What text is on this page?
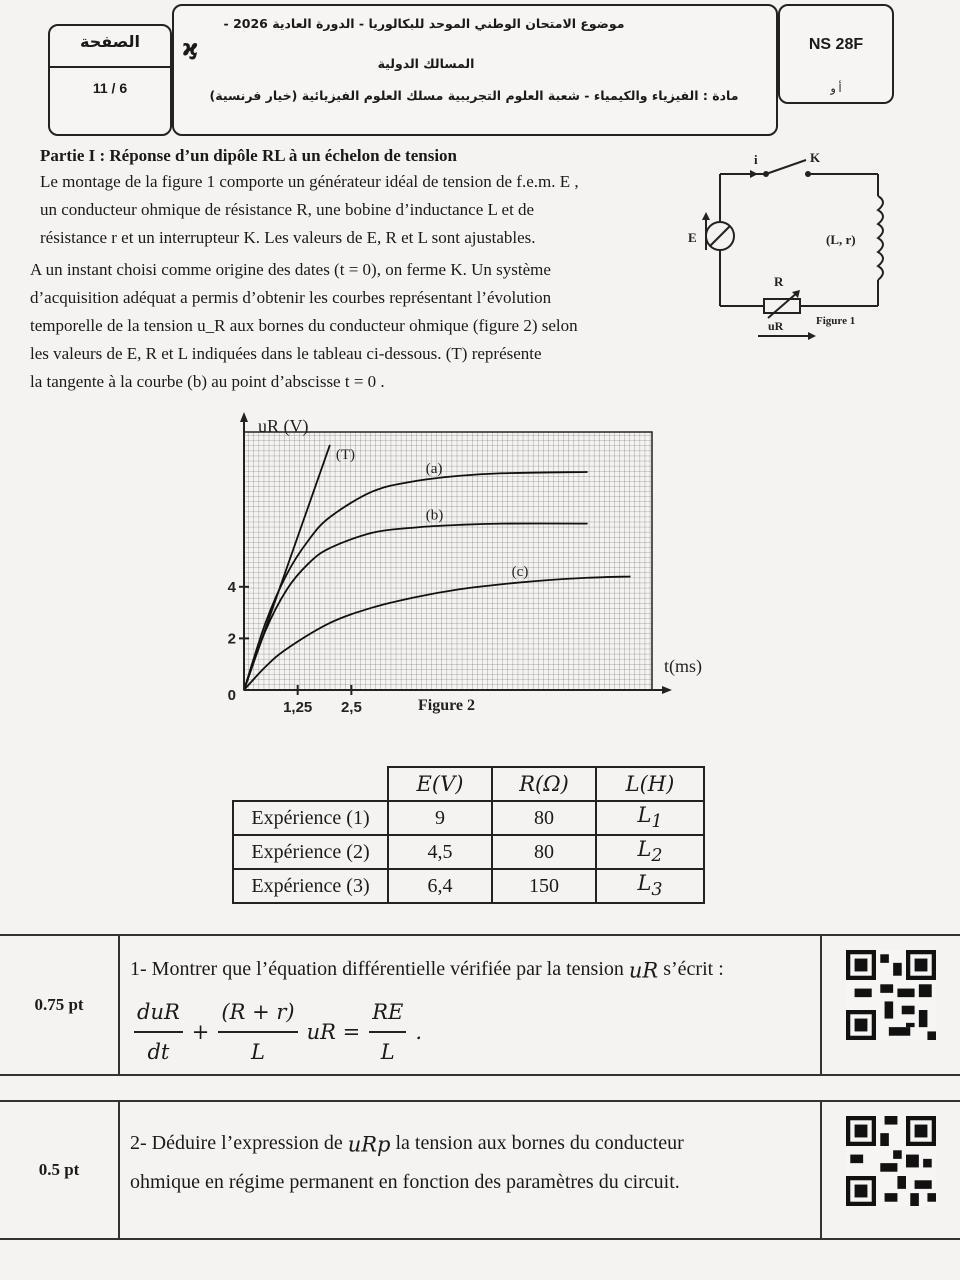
الصفحة
11 / 6
ϗ
موضوع الامتحان الوطني الموحد للبكالوريا - الدورة العادية 2026 -
المسالك الدولية
مادة : الفيزياء والكيمياء - شعبة العلوم التجريبية مسلك العلوم الفيزيائية (خيار فرنسية)
NS 28F
ﺃ ﻭ
Partie I : Réponse d’un dipôle RL à un échelon de tension
Le montage de la figure 1 comporte un générateur idéal de tension de f.e.m. E ,
un conducteur ohmique de résistance R, une bobine d’inductance L et de
résistance r et un interrupteur K. Les valeurs de E, R et L sont ajustables.
A un instant choisi comme origine des dates (t = 0), on ferme K. Un système
d’acquisition adéquat a permis d’obtenir les courbes représentant l’évolution
temporelle de la tension u_R aux bornes du conducteur ohmique (figure 2) selon
les valeurs de E, R et L indiquées dans le tableau ci-dessous. (T) représente
la tangente à la courbe (b) au point d’abscisse t = 0 .
i	K
E	(L, r)
R
uR	Figure 1
(a)
(b)
(c)
(T)
0
2
4
1,25 2,5
uR (V)
t(ms)
Figure 2
	E(V)	R(Ω)	L(H)
Expérience (1)	9	80	$L_1$
Expérience (2)	4,5	80	$L_2$
Expérience (3)	6,4	150	$L_3$
0.75 pt
1- Montrer que l’équation différentielle vérifiée par la tension uR s’écrit :
$\frac{\text{duR}}{dt} + \frac{(R + r)}{L}$ uR = $\frac{RE}{L}$ .
0.5 pt
2- Déduire l’expression de uRp la tension aux bornes du conducteur
ohmique en régime permanent en fonction des paramètres du circuit.
